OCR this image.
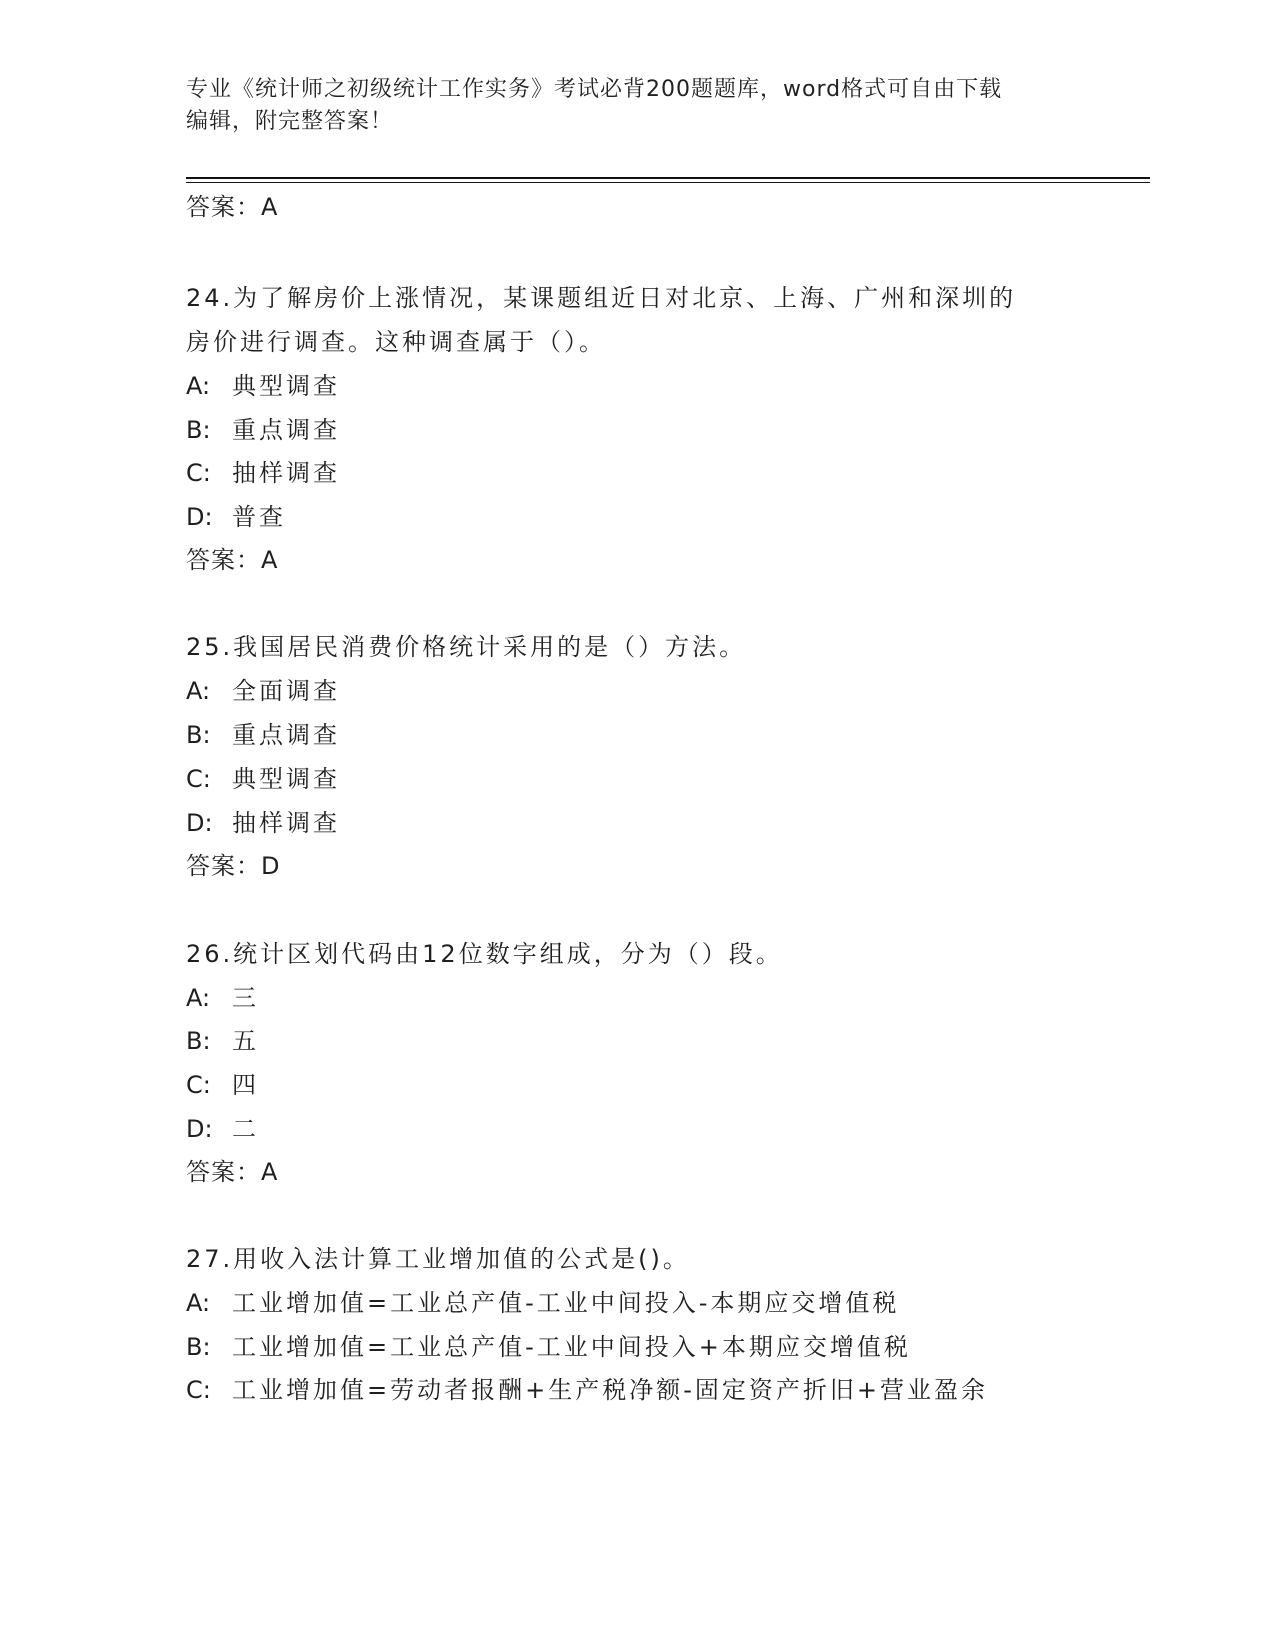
专业《统计师之初级统计工作实务》考试必背200题题库，word格式可自由下载
编辑，附完整答案！
答案：A
24.为了解房价上涨情况，某课题组近日对北京、上海、广州和深圳的
房价进行调查。这种调查属于（）。
A: 典型调查
B: 重点调查
C: 抽样调查
D: 普查
答案：A
25.我国居民消费价格统计采用的是（）方法。
A: 全面调查
B: 重点调查
C: 典型调查
D: 抽样调查
答案：D
26.统计区划代码由12位数字组成，分为（）段。
A: 三
B: 五
C: 四
D: 二
答案：A
27.用收入法计算工业增加值的公式是()。
A: 工业增加值=工业总产值-工业中间投入-本期应交增值税
B: 工业增加值=工业总产值-工业中间投入+本期应交增值税
C: 工业增加值=劳动者报酬+生产税净额-固定资产折旧+营业盈余
